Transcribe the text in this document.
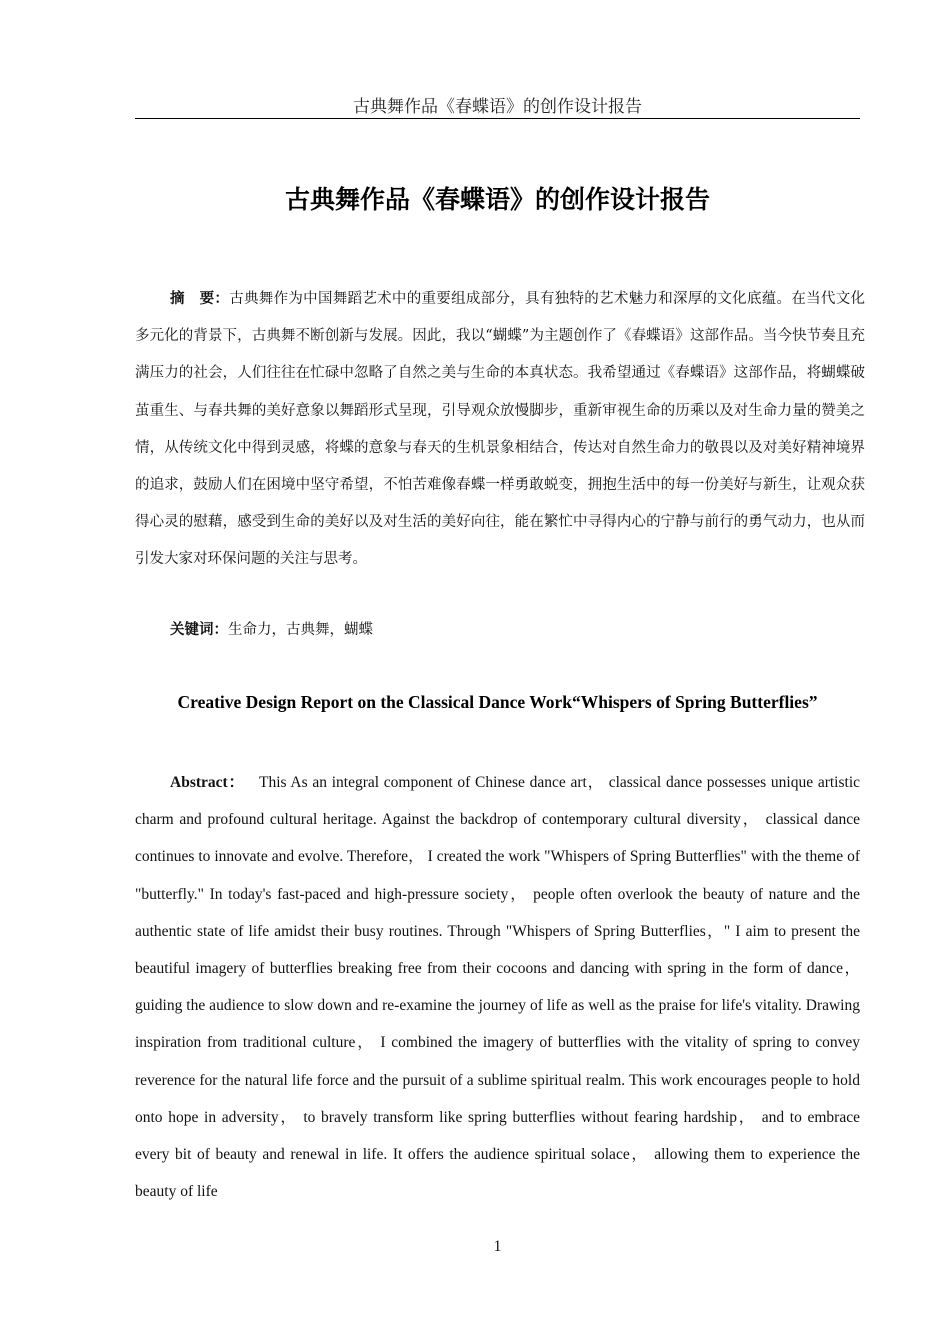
古典舞作品《春蝶语》的创作设计报告
古典舞作品《春蝶语》的创作设计报告
摘　要：古典舞作为中国舞蹈艺术中的重要组成部分，具有独特的艺术魅力和深厚的文化底蕴。在当代文化多元化的背景下，古典舞不断创新与发展。因此，我以“蝴蝶”为主题创作了《春蝶语》这部作品。当今快节奏且充满压力的社会，人们往往在忙碌中忽略了自然之美与生命的本真状态。我希望通过《春蝶语》这部作品，将蝴蝶破茧重生、与春共舞的美好意象以舞蹈形式呈现，引导观众放慢脚步，重新审视生命的历乘以及对生命力量的赞美之情，从传统文化中得到灵感，将蝶的意象与春天的生机景象相结合，传达对自然生命力的敬畏以及对美好精神境界的追求，鼓励人们在困境中坚守希望，不怕苦难像春蝶一样勇敢蜕变，拥抱生活中的每一份美好与新生，让观众获得心灵的慰藉，感受到生命的美好以及对生活的美好向往，能在繁忙中寻得内心的宁静与前行的勇气动力，也从而引发大家对环保问题的关注与思考。
关键词：生命力，古典舞，蝴蝶
Creative Design Report on the Classical Dance Work“Whispers of Spring Butterflies”
Abstract： This As an integral component of Chinese dance art， classical dance possesses unique artistic charm and profound cultural heritage. Against the backdrop of contemporary cultural diversity， classical dance continues to innovate and evolve. Therefore， I created the work "Whispers of Spring Butterflies" with the theme of "butterfly." In today's fast-paced and high-pressure society， people often overlook the beauty of nature and the authentic state of life amidst their busy routines. Through "Whispers of Spring Butterflies，" I aim to present the beautiful imagery of butterflies breaking free from their cocoons and dancing with spring in the form of dance， guiding the audience to slow down and re-examine the journey of life as well as the praise for life's vitality. Drawing inspiration from traditional culture， I combined the imagery of butterflies with the vitality of spring to convey reverence for the natural life force and the pursuit of a sublime spiritual realm. This work encourages people to hold onto hope in adversity， to bravely transform like spring butterflies without fearing hardship， and to embrace every bit of beauty and renewal in life. It offers the audience spiritual solace， allowing them to experience the beauty of life
1
